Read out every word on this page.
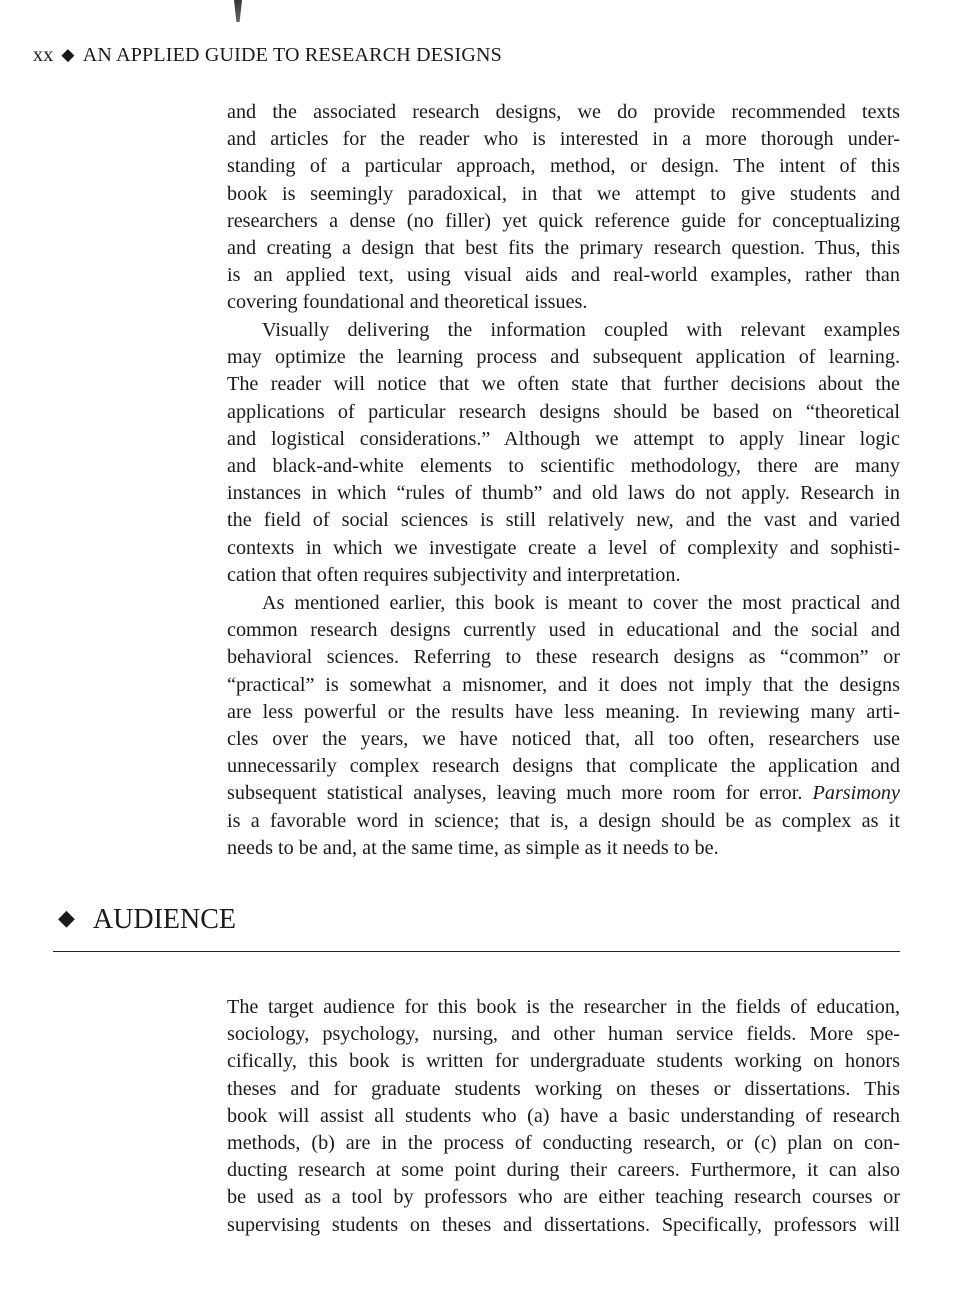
xx ◆ AN APPLIED GUIDE TO RESEARCH DESIGNS
and the associated research designs, we do provide recommended texts
and articles for the reader who is interested in a more thorough under-
standing of a particular approach, method, or design. The intent of this
book is seemingly paradoxical, in that we attempt to give students and
researchers a dense (no filler) yet quick reference guide for conceptualizing
and creating a design that best fits the primary research question. Thus, this
is an applied text, using visual aids and real-world examples, rather than
covering foundational and theoretical issues.
Visually delivering the information coupled with relevant examples
may optimize the learning process and subsequent application of learning.
The reader will notice that we often state that further decisions about the
applications of particular research designs should be based on “theoretical
and logistical considerations.” Although we attempt to apply linear logic
and black-and-white elements to scientific methodology, there are many
instances in which “rules of thumb” and old laws do not apply. Research in
the field of social sciences is still relatively new, and the vast and varied
contexts in which we investigate create a level of complexity and sophisti-
cation that often requires subjectivity and interpretation.
As mentioned earlier, this book is meant to cover the most practical and
common research designs currently used in educational and the social and
behavioral sciences. Referring to these research designs as “common” or
“practical” is somewhat a misnomer, and it does not imply that the designs
are less powerful or the results have less meaning. In reviewing many arti-
cles over the years, we have noticed that, all too often, researchers use
unnecessarily complex research designs that complicate the application and
subsequent statistical analyses, leaving much more room for error. Parsimony
is a favorable word in science; that is, a design should be as complex as it
needs to be and, at the same time, as simple as it needs to be.
◆ AUDIENCE
The target audience for this book is the researcher in the fields of education,
sociology, psychology, nursing, and other human service fields. More spe-
cifically, this book is written for undergraduate students working on honors
theses and for graduate students working on theses or dissertations. This
book will assist all students who (a) have a basic understanding of research
methods, (b) are in the process of conducting research, or (c) plan on con-
ducting research at some point during their careers. Furthermore, it can also
be used as a tool by professors who are either teaching research courses or
supervising students on theses and dissertations. Specifically, professors will
